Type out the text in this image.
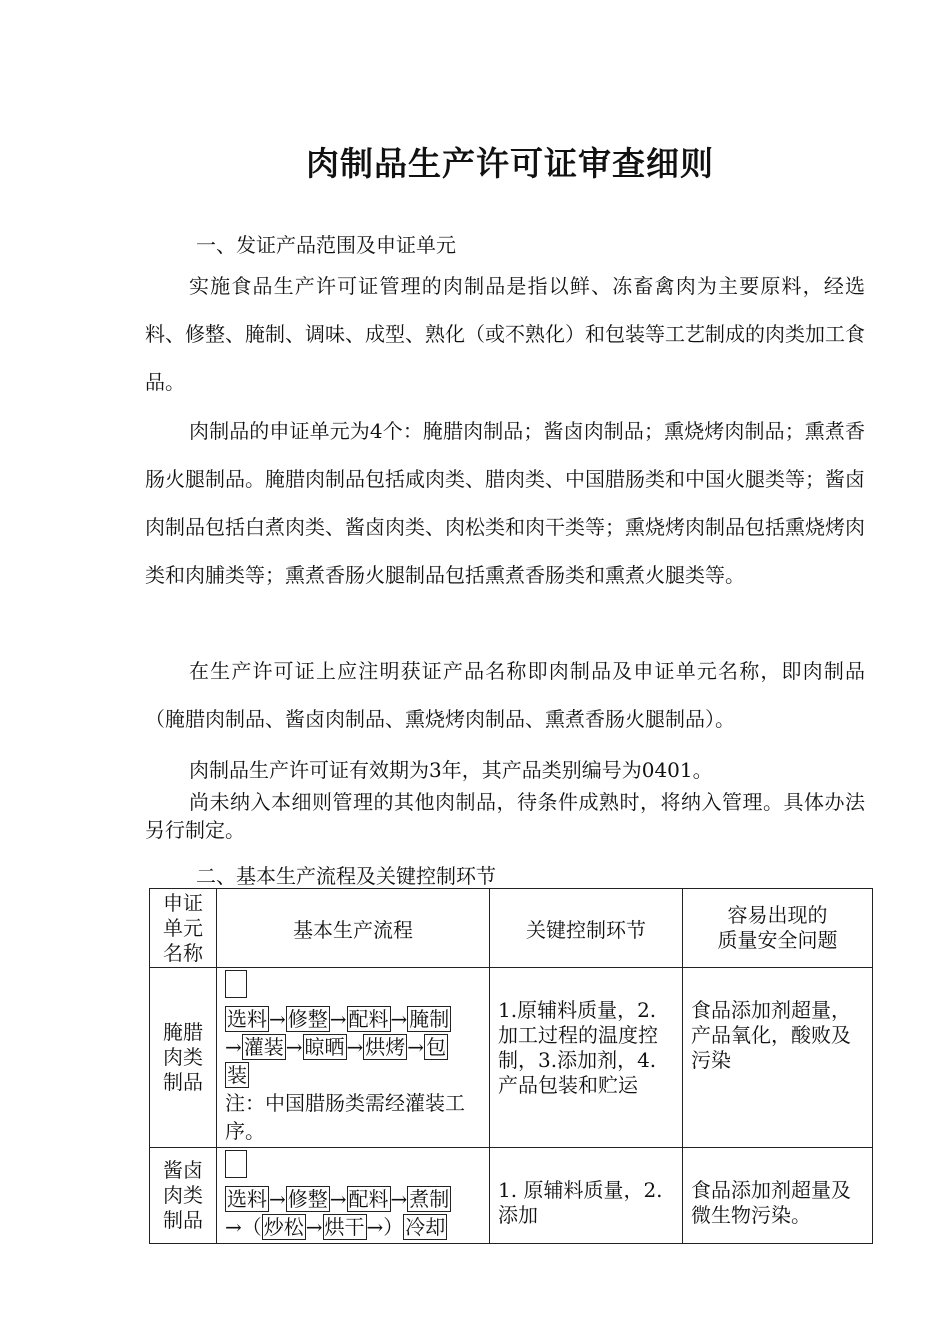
肉制品生产许可证审查细则
一、发证产品范围及申证单元

实施食品生产许可证管理的肉制品是指以鲜、冻畜禽肉为主要原料，经选料、修整、腌制、调味、成型、熟化（或不熟化）和包装等工艺制成的肉类加工食品。

肉制品的申证单元为4个：腌腊肉制品；酱卤肉制品；熏烧烤肉制品；熏煮香肠火腿制品。腌腊肉制品包括咸肉类、腊肉类、中国腊肠类和中国火腿类等；酱卤肉制品包括白煮肉类、酱卤肉类、肉松类和肉干类等；熏烧烤肉制品包括熏烧烤肉类和肉脯类等；熏煮香肠火腿制品包括熏煮香肠类和熏煮火腿类等。

在生产许可证上应注明获证产品名称即肉制品及申证单元名称，即肉制品（腌腊肉制品、酱卤肉制品、熏烧烤肉制品、熏煮香肠火腿制品）。

肉制品生产许可证有效期为3年，其产品类别编号为0401。

尚未纳入本细则管理的其他肉制品，待条件成熟时，将纳入管理。具体办法另行制定。

二、基本生产流程及关键控制环节
申证
单元
名称	基本生产流程	关键控制环节	容易出现的
质量安全问题

腌腊
肉类
制品	选料 → 修整 → 配料 → 腌制
→ 灌装 → 晾晒 → 烘烤 → 包
装
注：中国腊肠类需经灌装工序。	1.原辅料质量，2.加工过程的温度控制，3.添加剂，4.产品包装和贮运	食品添加剂超量，产品氧化，酸败及污染

酱卤
肉类
制品	选料 → 修整 → 配料 → 煮制
→（ 炒松 → 烘干 →） 冷却	1. 原辅料质量，2.添加	食品添加剂超量及微生物污染。
